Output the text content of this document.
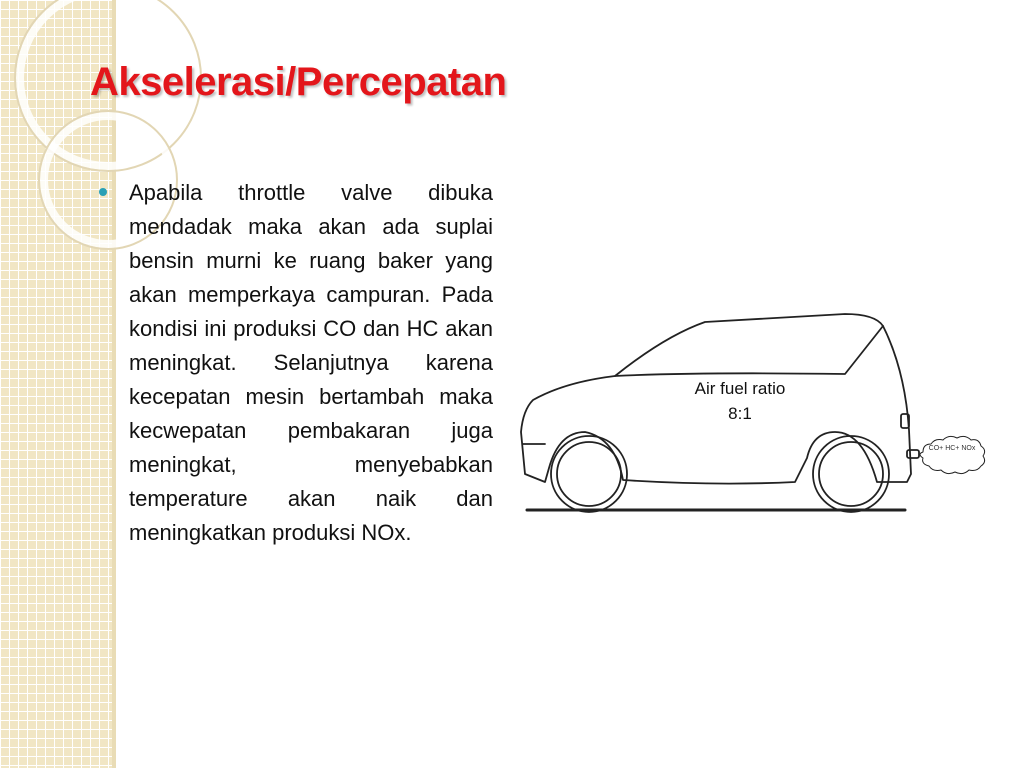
Akselerasi/Percepatan

Apabila throttle valve dibuka mendadak maka akan ada suplai bensin murni ke ruang baker yang akan memperkaya campuran. Pada kondisi ini produksi CO dan HC akan meningkat. Selanjutnya karena kecepatan mesin bertambah maka kecwepatan pembakaran juga meningkat, menyebabkan temperature akan naik dan meningkatkan produksi NOx.

Air fuel ratio
8:1
CO+ HC+ NOx
